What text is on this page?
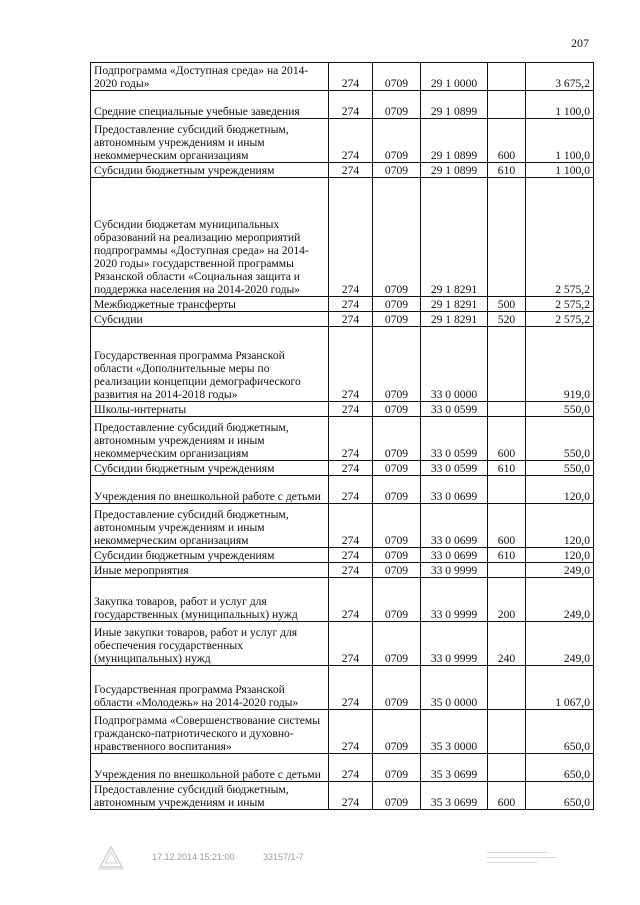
207
Подпрограмма «Доступная среда» на 2014-2020 годы»	274	0709	29 1 0000		3 675,2
Средние специальные учебные заведения	274	0709	29 1 0899		1 100,0
Предоставление субсидий бюджетным, автономным учреждениям и иным некоммерческим организациям	274	0709	29 1 0899	600	1 100,0
Субсидии бюджетным учреждениям	274	0709	29 1 0899	610	1 100,0
Субсидии бюджетам муниципальных образований на реализацию мероприятий подпрограммы «Доступная среда» на 2014-2020 годы» государственной программы Рязанской области «Социальная защита и поддержка населения на 2014-2020 годы»	274	0709	29 1 8291		2 575,2
Межбюджетные трансферты	274	0709	29 1 8291	500	2 575,2
Субсидии	274	0709	29 1 8291	520	2 575,2
Государственная программа Рязанской области «Дополнительные меры по реализации концепции демографического развития на 2014-2018 годы»	274	0709	33 0 0000		919,0
Школы-интернаты	274	0709	33 0 0599		550,0
Предоставление субсидий бюджетным, автономным учреждениям и иным некоммерческим организациям	274	0709	33 0 0599	600	550,0
Субсидии бюджетным учреждениям	274	0709	33 0 0599	610	550,0
Учреждения по внешкольной работе с детьми	274	0709	33 0 0699		120,0
Предоставление субсидий бюджетным, автономным учреждениям и иным некоммерческим организациям	274	0709	33 0 0699	600	120,0
Субсидии бюджетным учреждениям	274	0709	33 0 0699	610	120,0
Иные мероприятия	274	0709	33 0 9999		249,0
Закупка товаров, работ и услуг для государственных (муниципальных) нужд	274	0709	33 0 9999	200	249,0
Иные закупки товаров, работ и услуг для обеспечения государственных (муниципальных) нужд	274	0709	33 0 9999	240	249,0
Государственная программа Рязанской области «Молодежь» на 2014-2020 годы»	274	0709	35 0 0000		1 067,0
Подпрограмма «Совершенствование системы гражданско-патриотического и духовно-нравственного воспитания»	274	0709	35 3 0000		650,0
Учреждения по внешкольной работе с детьми	274	0709	35 3 0699		650,0
Предоставление субсидий бюджетным, автономным учреждениям и иным	274	0709	35 3 0699	600	650,0
17.12.2014 15:21:00	33157/1-7
